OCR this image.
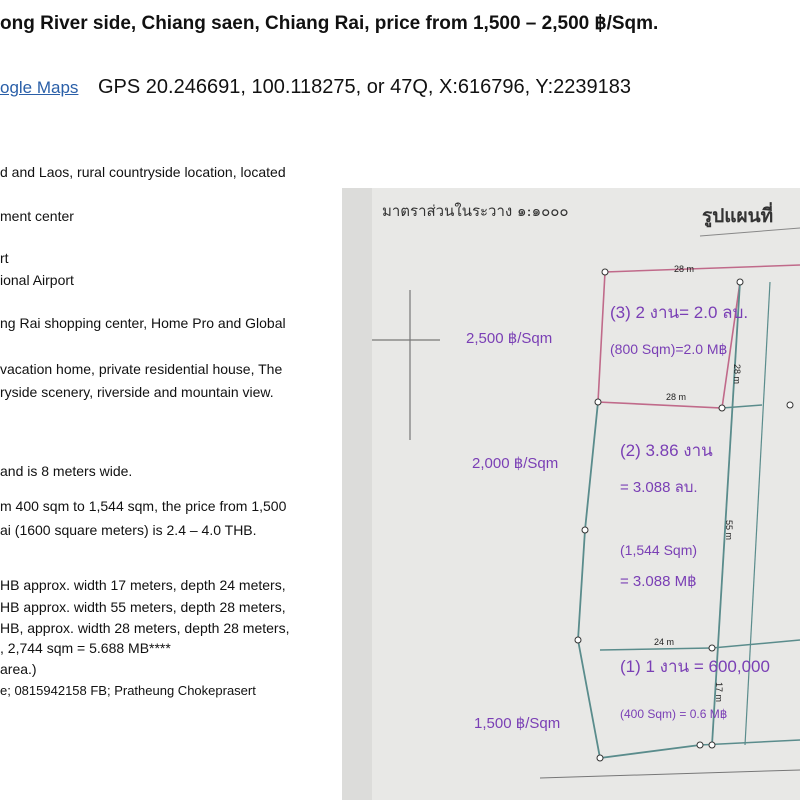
ong River side, Chiang saen, Chiang Rai, price from 1,500 – 2,500 ฿/Sqm.
ogle Maps GPS 20.246691, 100.118275, or 47Q, X:616796, Y:2239183
d and Laos, rural countryside location, located
ment center
rt
ional Airport
ng Rai shopping center, Home Pro and Global
vacation home, private residential house, The
ryside scenery, riverside and mountain view.
and is 8 meters wide.
m 400 sqm to 1,544 sqm, the price from 1,500
ai (1600 square meters) is 2.4 – 4.0 THB.
HB approx. width 17 meters, depth 24 meters,
HB approx. width 55 meters, depth 28 meters,
HB, approx. width 28 meters, depth 28 meters,
, 2,744 sqm = 5.688 MB****
area.)
e; 0815942158 FB; Pratheung Chokeprasert
มาตราส่วนในระวาง ๑:๑๐๐๐	รูปแผนที่
2,500 ฿/Sqm
2,000 ฿/Sqm
1,500 ฿/Sqm
(3) 2 งาน= 2.0 ลบ.
(800 Sqm)=2.0 M฿
(2) 3.86 งาน
= 3.088 ลบ.
(1,544 Sqm)
= 3.088 M฿
(1) 1 งาน = 600,000
(400 Sqm) = 0.6 M฿
28 m
28 m
28 m
55 m
24 m
17 m
